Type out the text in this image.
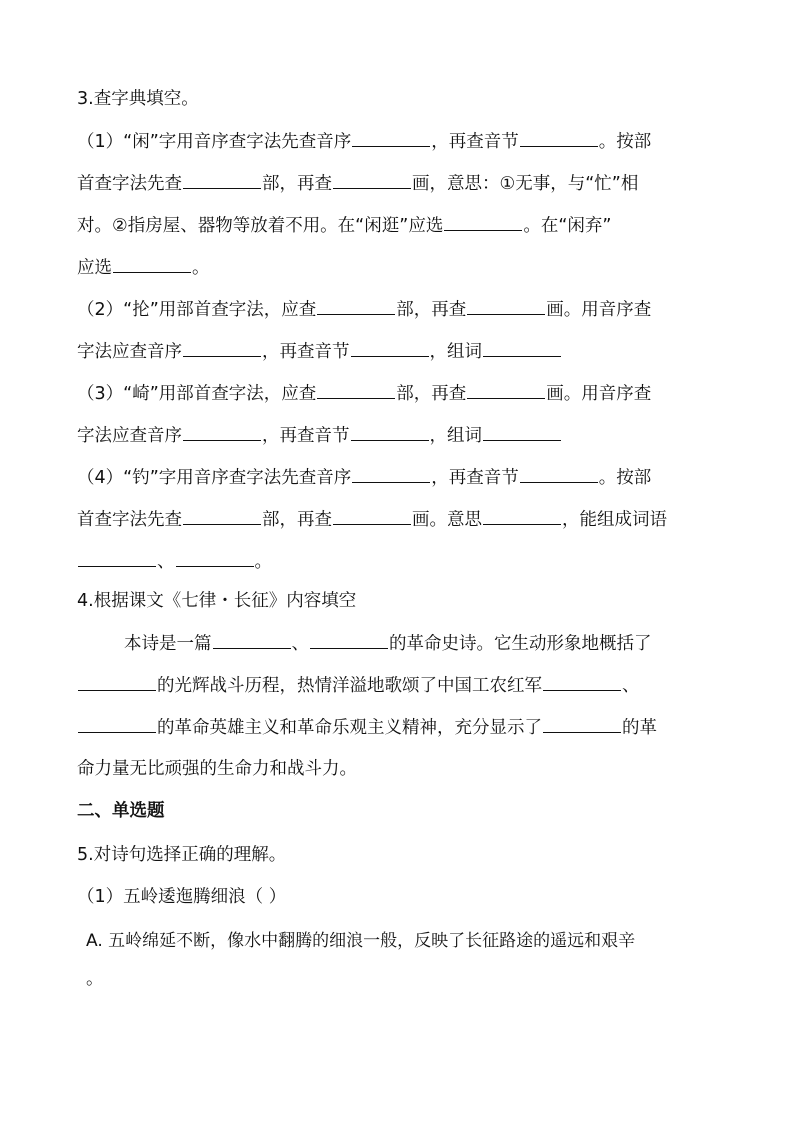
3.查字典填空。
（1）“闲”字用音序查字法先查音序	，再查音节	。按部
首查字法先查	部，再查	画，意思：①无事，与“忙”相
对。②指房屋、器物等放着不用。在“闲逛”应选	。在“闲弃”
应选	。
（2）“抡”用部首查字法，应查	部，再查	画。用音序查
字法应查音序	，再查音节	，组词
（3）“崎”用部首查字法，应查	部，再查	画。用音序查
字法应查音序	，再查音节	，组词
（4）“钓”字用音序查字法先查音序	，再查音节	。按部
首查字法先查	部，再查	画。意思	，能组成词语
、	。
4.根据课文《七律・长征》内容填空
本诗是一篇	、	的革命史诗。它生动形象地概括了
的光辉战斗历程，热情洋溢地歌颂了中国工农红军	、
的革命英雄主义和革命乐观主义精神，充分显示了	的革
命力量无比顽强的生命力和战斗力。
二、单选题
5.对诗句选择正确的理解。
（1）五岭逶迤腾细浪（ ）
A. 五岭绵延不断，像水中翻腾的细浪一般，反映了长征路途的遥远和艰辛
。
